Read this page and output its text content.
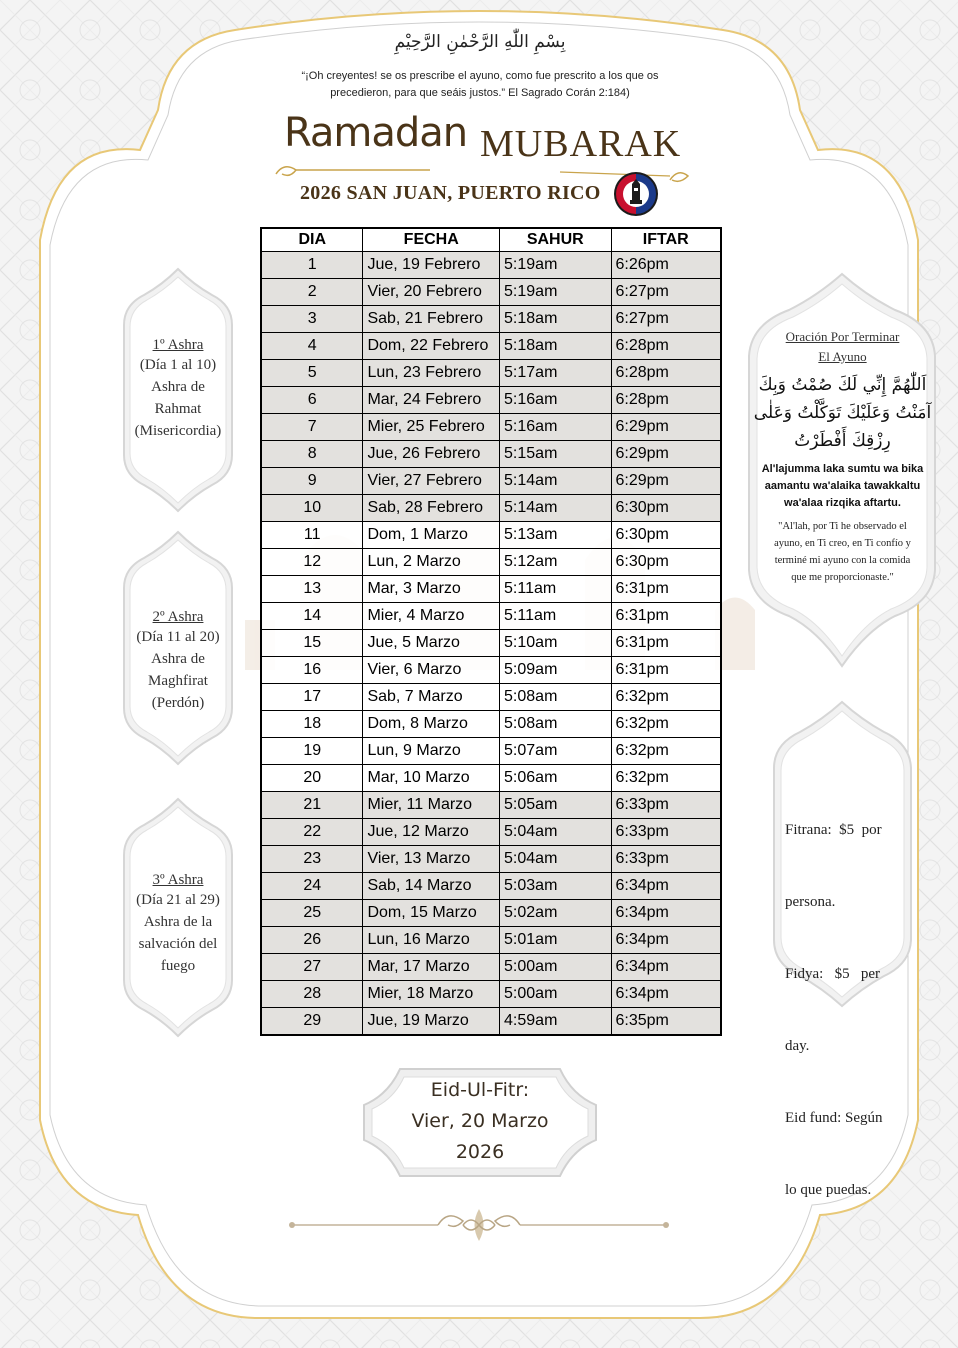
بِسْمِ اللّٰهِ الرَّحْمٰنِ الرَّحِيْمِ
“¡Oh creyentes! se os prescribe el ayuno, como fue prescrito a los que os
precedieron, para que seáis justos.” El Sagrado Corán 2:184)
Ramadan MUBARAK
2026 SAN JUAN, PUERTO RICO
DIA	FECHA	SAHUR	IFTAR
1	Jue, 19 Febrero	5:19am	6:26pm
2	Vier, 20 Febrero	5:19am	6:27pm
3	Sab, 21 Febrero	5:18am	6:27pm
4	Dom, 22 Febrero	5:18am	6:28pm
5	Lun, 23 Febrero	5:17am	6:28pm
6	Mar, 24 Febrero	5:16am	6:28pm
7	Mier, 25 Febrero	5:16am	6:29pm
8	Jue, 26 Febrero	5:15am	6:29pm
9	Vier, 27 Febrero	5:14am	6:29pm
10	Sab, 28 Febrero	5:14am	6:30pm
11	Dom, 1 Marzo	5:13am	6:30pm
12	Lun, 2 Marzo	5:12am	6:30pm
13	Mar, 3 Marzo	5:11am	6:31pm
14	Mier, 4 Marzo	5:11am	6:31pm
15	Jue, 5 Marzo	5:10am	6:31pm
16	Vier, 6 Marzo	5:09am	6:31pm
17	Sab, 7 Marzo	5:08am	6:32pm
18	Dom, 8 Marzo	5:08am	6:32pm
19	Lun, 9 Marzo	5:07am	6:32pm
20	Mar, 10 Marzo	5:06am	6:32pm
21	Mier, 11 Marzo	5:05am	6:33pm
22	Jue, 12 Marzo	5:04am	6:33pm
23	Vier, 13 Marzo	5:04am	6:33pm
24	Sab, 14 Marzo	5:03am	6:34pm
25	Dom, 15 Marzo	5:02am	6:34pm
26	Lun, 16 Marzo	5:01am	6:34pm
27	Mar, 17 Marzo	5:00am	6:34pm
28	Mier, 18 Marzo	5:00am	6:34pm
29	Jue, 19 Marzo	4:59am	6:35pm
1º Ashra
(Día 1 al 10)
Ashra de
Rahmat
(Misericordia)
2º Ashra
(Día 11 al 20)
Ashra de
Maghfirat
(Perdón)
3º Ashra
(Día 21 al 29)
Ashra de la
salvación del
fuego
Oración Por Terminar
El Ayuno
اَللّٰهُمَّ إِنِّي لَكَ صُمْتُ وَبِكَ
آمَنْتُ وَعَلَيْكَ تَوَكَّلْتُ وَعَلٰى
رِزْقِكَ أَفْطَرْتُ
Al'lajumma laka sumtu wa bika
aamantu wa'alaika tawakkaltu
wa'alaa rizqika aftartu.
"Al'lah, por Ti he observado el
ayuno, en Ti creo, en Ti confío y
terminé mi ayuno con la comida
que me proporcionaste."

Fitrana:  $5  por

persona.

Fidya:   $5   per

day.

Eid fund: Según

lo que puedas.

Eid-Ul-Fitr:
Vier, 20 Marzo
2026
